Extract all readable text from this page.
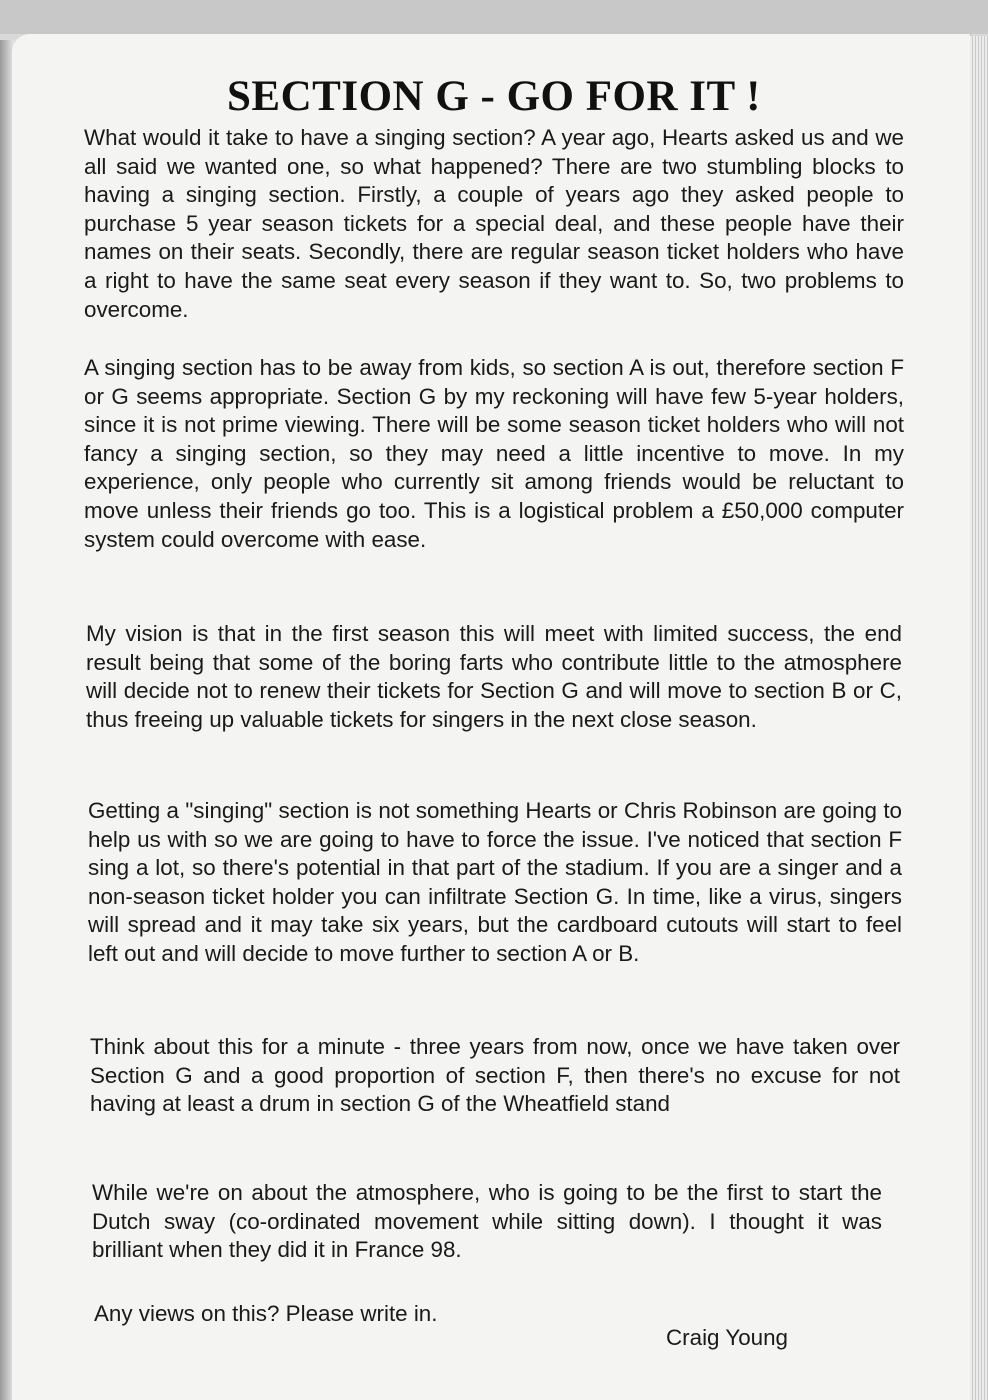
SECTION G - GO FOR IT !

What would it take to have a singing section? A year ago, Hearts asked us and we all said we wanted one, so what happened? There are two stumbling blocks to having a singing section. Firstly, a couple of years ago they asked people to purchase 5 year season tickets for a special deal, and these people have their names on their seats. Secondly, there are regular season ticket holders who have a right to have the same seat every season if they want to. So, two problems to overcome.

A singing section has to be away from kids, so section A is out, therefore section F or G seems appropriate. Section G by my reckoning will have few 5-year holders, since it is not prime viewing. There will be some season ticket holders who will not fancy a singing section, so they may need a little incentive to move. In my experience, only people who currently sit among friends would be reluctant to move unless their friends go too. This is a logistical problem a £50,000 computer system could overcome with ease.

My vision is that in the first season this will meet with limited success, the end result being that some of the boring farts who contribute little to the atmosphere will decide not to renew their tickets for Section G and will move to section B or C, thus freeing up valuable tickets for singers in the next close season.

Getting a "singing" section is not something Hearts or Chris Robinson are going to help us with so we are going to have to force the issue. I've noticed that section F sing a lot, so there's potential in that part of the stadium. If you are a singer and a non-season ticket holder you can infiltrate Section G. In time, like a virus, singers will spread and it may take six years, but the cardboard cutouts will start to feel left out and will decide to move further to section A or B.

Think about this for a minute - three years from now, once we have taken over Section G and a good proportion of section F, then there's no excuse for not having at least a drum in section G of the Wheatfield stand

While we're on about the atmosphere, who is going to be the first to start the Dutch sway (co-ordinated movement while sitting down). I thought it was brilliant when they did it in France 98.

Any views on this? Please write in.

Craig Young
